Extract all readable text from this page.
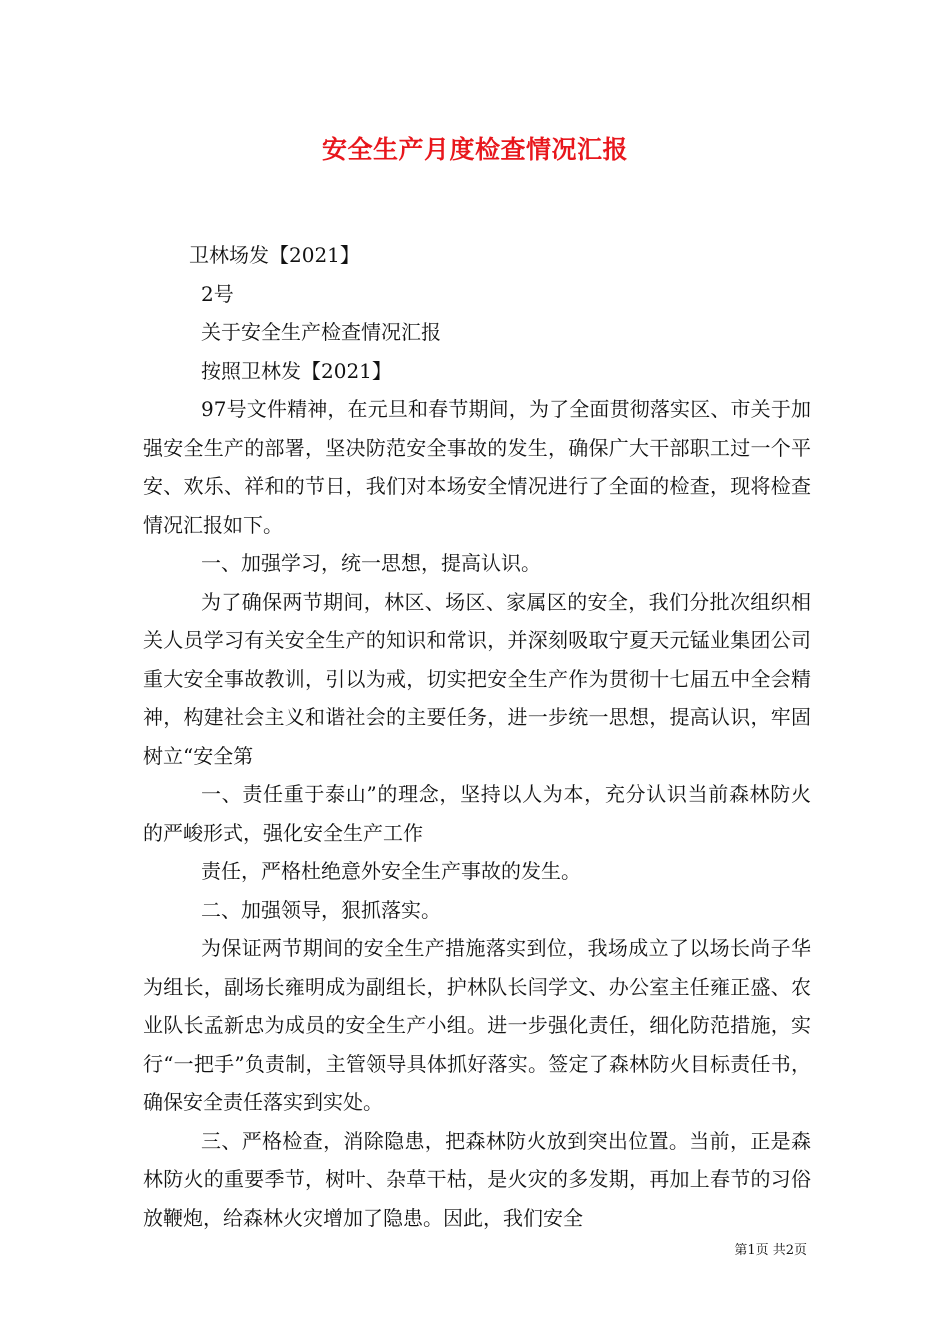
安全生产月度检查情况汇报

卫林场发【2021】

2号

关于安全生产检查情况汇报

按照卫林发【2021】

97号文件精神，在元旦和春节期间，为了全面贯彻落实区、市关于加强安全生产的部署，坚决防范安全事故的发生，确保广大干部职工过一个平安、欢乐、祥和的节日，我们对本场安全情况进行了全面的检查，现将检查情况汇报如下。

一、加强学习，统一思想，提高认识。

为了确保两节期间，林区、场区、家属区的安全，我们分批次组织相关人员学习有关安全生产的知识和常识，并深刻吸取宁夏天元锰业集团公司重大安全事故教训，引以为戒，切实把安全生产作为贯彻十七届五中全会精神，构建社会主义和谐社会的主要任务，进一步统一思想，提高认识，牢固树立“安全第

一、责任重于泰山”的理念，坚持以人为本，充分认识当前森林防火的严峻形式，强化安全生产工作

责任，严格杜绝意外安全生产事故的发生。

二、加强领导，狠抓落实。

为保证两节期间的安全生产措施落实到位，我场成立了以场长尚子华为组长，副场长雍明成为副组长，护林队长闫学文、办公室主任雍正盛、农业队长孟新忠为成员的安全生产小组。进一步强化责任，细化防范措施，实行“一把手”负责制，主管领导具体抓好落实。签定了森林防火目标责任书，确保安全责任落实到实处。

三、严格检查，消除隐患，把森林防火放到突出位置。当前，正是森林防火的重要季节，树叶、杂草干枯，是火灾的多发期，再加上春节的习俗放鞭炮，给森林火灾增加了隐患。因此，我们安全

第1页 共2页
